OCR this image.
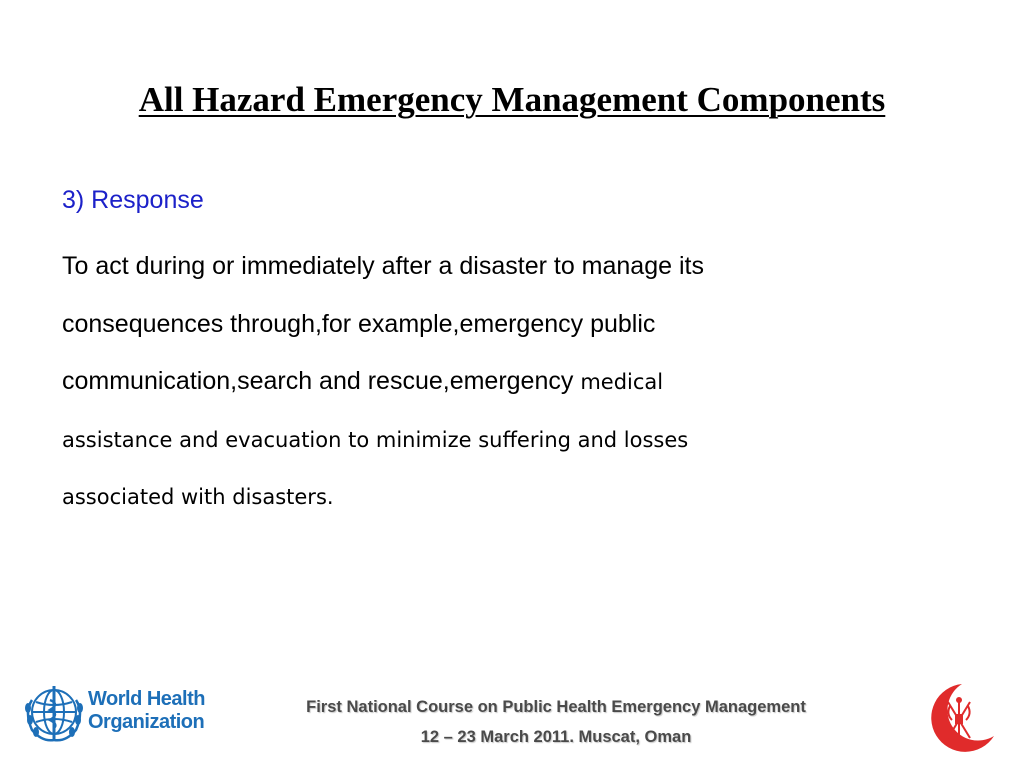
All Hazard Emergency Management Components
3) Response
To act during or immediately after a disaster to manage its
consequences through,for example,emergency public
communication,search and rescue,emergency medical
assistance and evacuation to minimize suffering and losses
associated with disasters.
World Health
Organization
First National Course on Public Health Emergency Management
12 – 23 March 2011. Muscat, Oman
